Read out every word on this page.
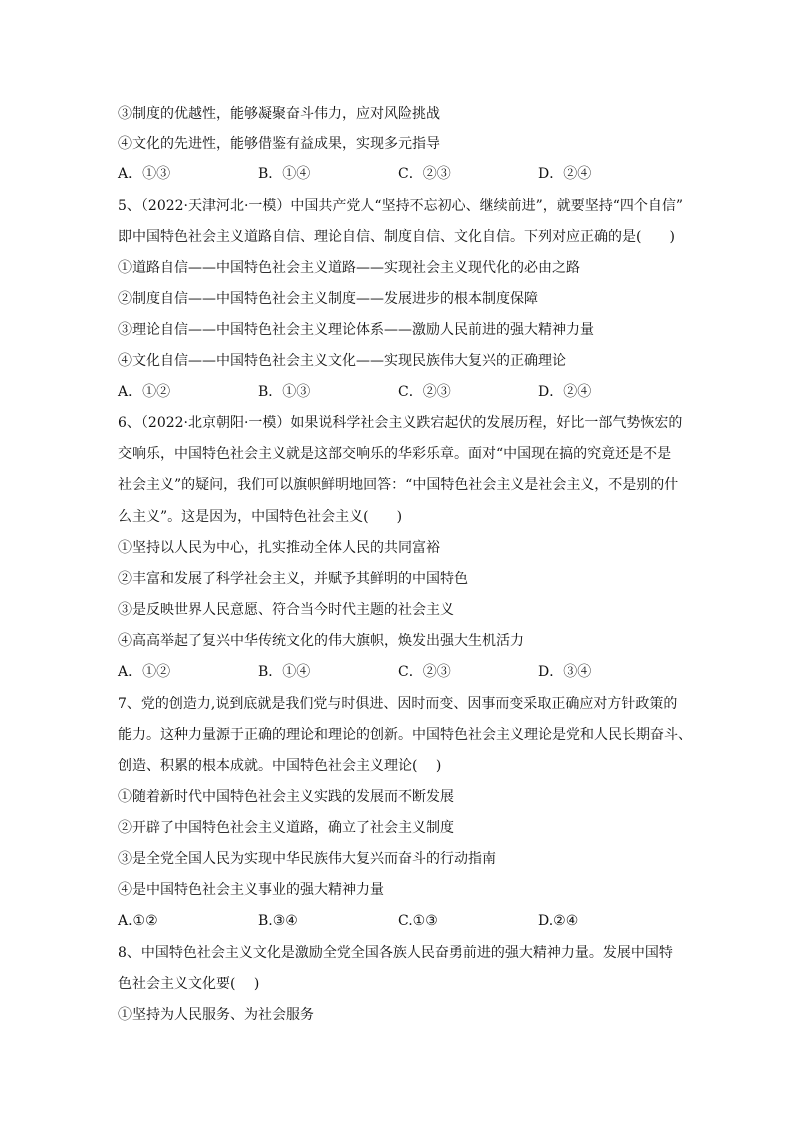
③制度的优越性，能够凝聚奋斗伟力，应对风险挑战
④文化的先进性，能够借鉴有益成果，实现多元指导
A．①③	B．①④	C．②③	D．②④
5、（2022·天津河北·一模）中国共产党人“坚持不忘初心、继续前进”，就要坚持“四个自信”
即中国特色社会主义道路自信、理论自信、制度自信、文化自信。下列对应正确的是(　　)
①道路自信——中国特色社会主义道路——实现社会主义现代化的必由之路
②制度自信——中国特色社会主义制度——发展进步的根本制度保障
③理论自信——中国特色社会主义理论体系——激励人民前进的强大精神力量
④文化自信——中国特色社会主义文化——实现民族伟大复兴的正确理论
A．①②	B．①③	C．②③	D．②④
6、（2022·北京朝阳·一模）如果说科学社会主义跌宕起伏的发展历程，好比一部气势恢宏的
交响乐，中国特色社会主义就是这部交响乐的华彩乐章。面对“中国现在搞的究竟还是不是
社会主义”的疑问，我们可以旗帜鲜明地回答：“中国特色社会主义是社会主义，不是别的什
么主义”。这是因为，中国特色社会主义(　　)
①坚持以人民为中心，扎实推动全体人民的共同富裕
②丰富和发展了科学社会主义，并赋予其鲜明的中国特色
③是反映世界人民意愿、符合当今时代主题的社会主义
④高高举起了复兴中华传统文化的伟大旗帜，焕发出强大生机活力
A．①②	B．①④	C．②③	D．③④
7、党的创造力,说到底就是我们党与时俱进、因时而变、因事而变采取正确应对方针政策的
能力。这种力量源于正确的理论和理论的创新。中国特色社会主义理论是党和人民长期奋斗、
创造、积累的根本成就。中国特色社会主义理论(　 )
①随着新时代中国特色社会主义实践的发展而不断发展
②开辟了中国特色社会主义道路，确立了社会主义制度
③是全党全国人民为实现中华民族伟大复兴而奋斗的行动指南
④是中国特色社会主义事业的强大精神力量
A.①②	B.③④	C.①③	D.②④
8、中国特色社会主义文化是激励全党全国各族人民奋勇前进的强大精神力量。发展中国特
色社会主义文化要(　 )
①坚持为人民服务、为社会服务
